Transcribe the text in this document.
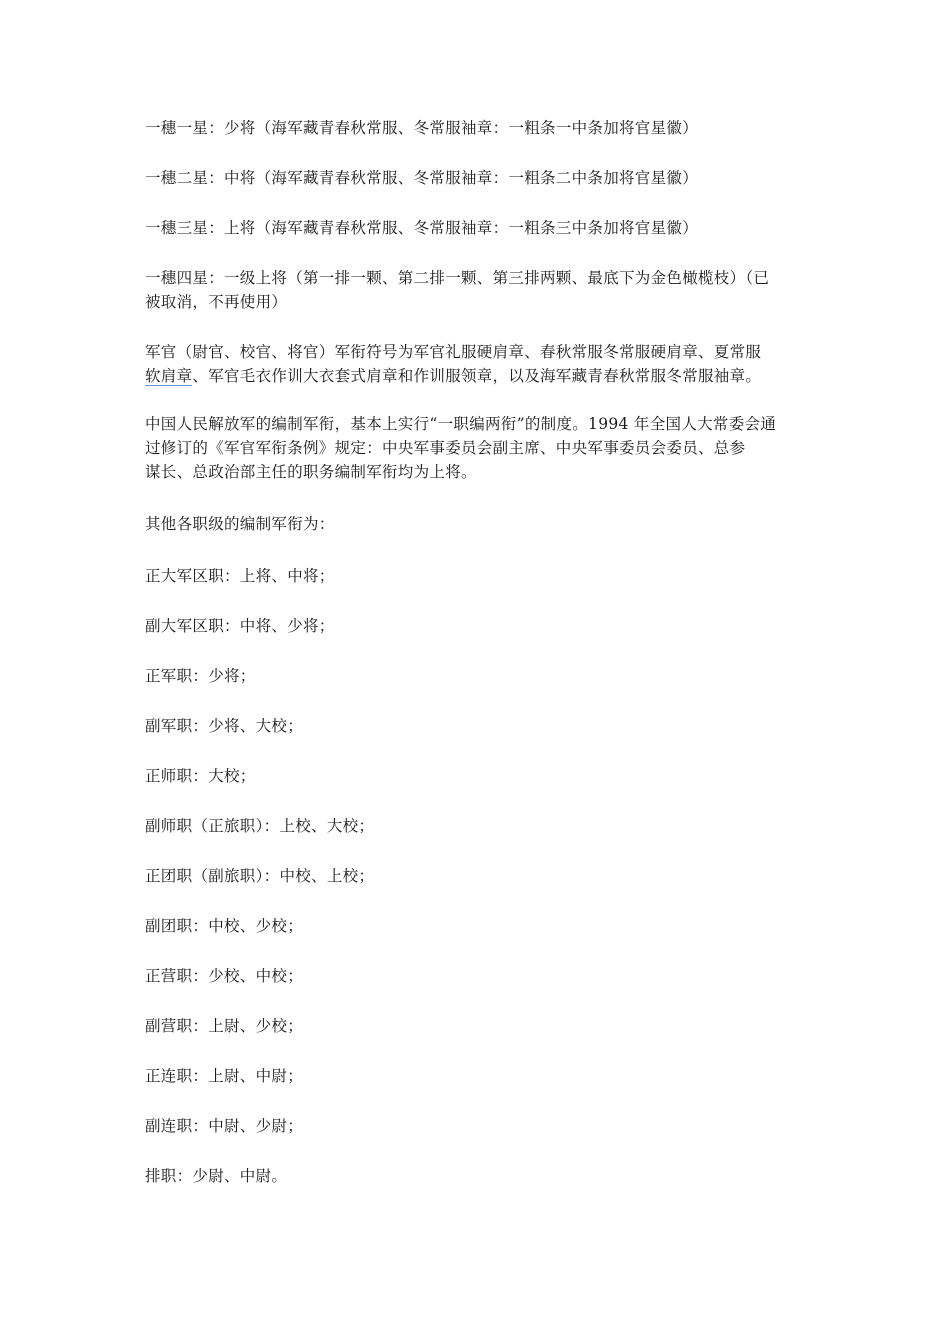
一穗一星：少将（海军藏青春秋常服、冬常服袖章：一粗条一中条加将官星徽）

一穗二星：中将（海军藏青春秋常服、冬常服袖章：一粗条二中条加将官星徽）

一穗三星：上将（海军藏青春秋常服、冬常服袖章：一粗条三中条加将官星徽）

一穗四星：一级上将（第一排一颗、第二排一颗、第三排两颗、最底下为金色橄榄枝）（已
被取消，不再使用）

军官（尉官、校官、将官）军衔符号为军官礼服硬肩章、春秋常服冬常服硬肩章、夏常服
软肩章、军官毛衣作训大衣套式肩章和作训服领章，以及海军藏青春秋常服冬常服袖章。

中国人民解放军的编制军衔，基本上实行“一职编两衔”的制度。1994 年全国人大常委会通
过修订的《军官军衔条例》规定：中央军事委员会副主席、中央军事委员会委员、总参
谋长、总政治部主任的职务编制军衔均为上将。

其他各职级的编制军衔为：

正大军区职：上将、中将；

副大军区职：中将、少将；

正军职：少将；

副军职：少将、大校；

正师职：大校；

副师职（正旅职）：上校、大校；

正团职（副旅职）：中校、上校；

副团职：中校、少校；

正营职：少校、中校；

副营职：上尉、少校；

正连职：上尉、中尉；

副连职：中尉、少尉；

排职：少尉、中尉。
